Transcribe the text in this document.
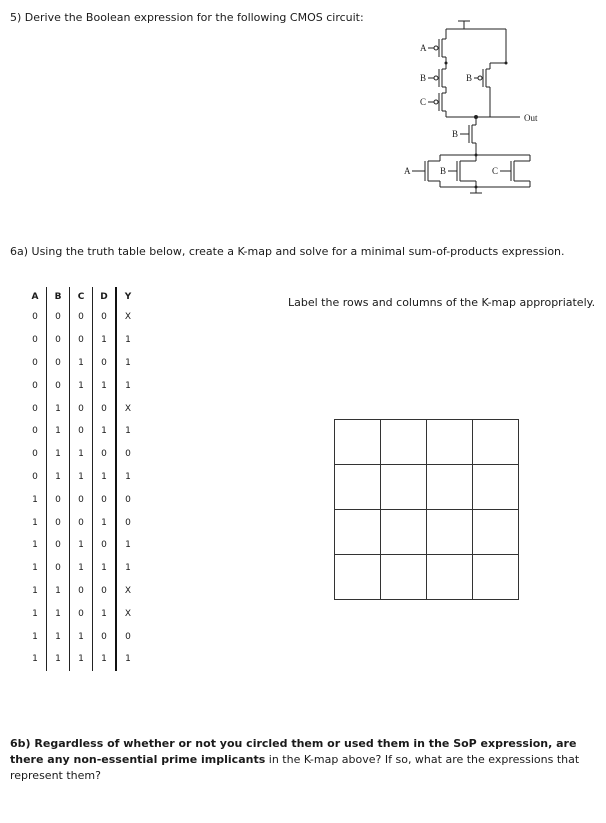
5) Derive the Boolean expression for the following CMOS circuit:
A
B	B
C
Out
B
A	B	C
6a) Using the truth table below, create a K-map and solve for a minimal sum-of-products expression.
Label the rows and columns of the K-map appropriately.
A	B	C	D	Y
0	0	0	0	X
0	0	0	1	1
0	0	1	0	1
0	0	1	1	1
0	1	0	0	X
0	1	0	1	1
0	1	1	0	0
0	1	1	1	1
1	0	0	0	0
1	0	0	1	0
1	0	1	0	1
1	0	1	1	1
1	1	0	0	X
1	1	0	1	X
1	1	1	0	0
1	1	1	1	1

6b) Regardless of whether or not you circled them or used them in the SoP expression, are there any non-essential prime implicants in the K-map above? If so, what are the expressions that represent them?
